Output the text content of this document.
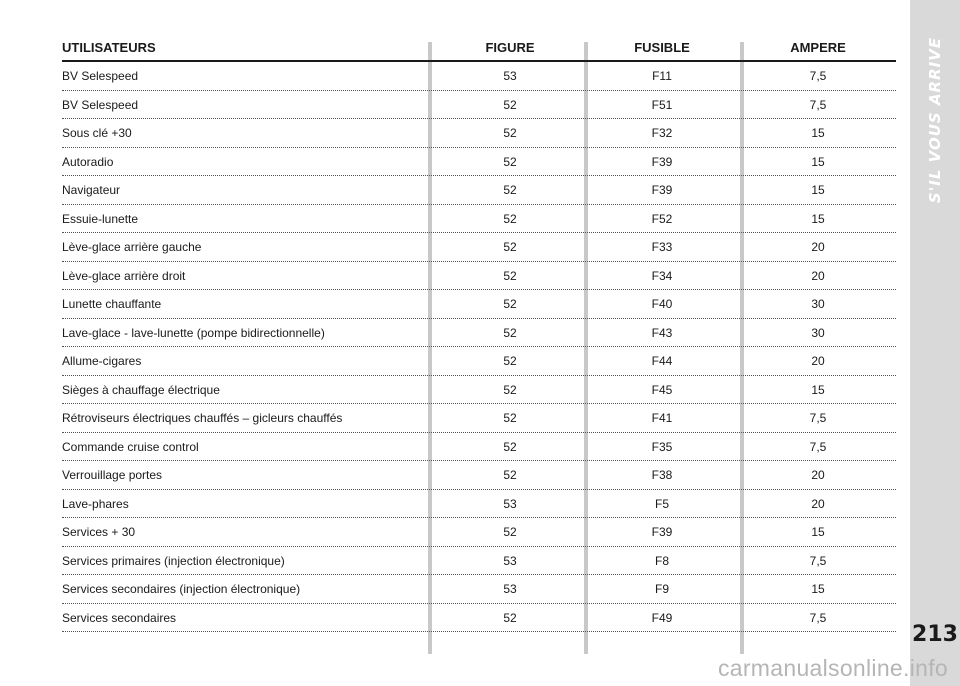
S'IL VOUS ARRIVE
213
UTILISATEURS	FIGURE	FUSIBLE	AMPERE
BV Selespeed	53	F11	7,5
BV Selespeed	52	F51	7,5
Sous clé +30	52	F32	15
Autoradio	52	F39	15
Navigateur	52	F39	15
Essuie-lunette	52	F52	15
Lève-glace arrière gauche	52	F33	20
Lève-glace arrière droit	52	F34	20
Lunette chauffante	52	F40	30
Lave-glace - lave-lunette (pompe bidirectionnelle)	52	F43	30
Allume-cigares	52	F44	20
Sièges à chauffage électrique	52	F45	15
Rétroviseurs électriques chauffés – gicleurs chauffés	52	F41	7,5
Commande cruise control	52	F35	7,5
Verrouillage portes	52	F38	20
Lave-phares	53	F5	20
Services + 30	52	F39	15
Services primaires (injection électronique)	53	F8	7,5
Services secondaires (injection électronique)	53	F9	15
Services secondaires	52	F49	7,5
carmanualsonline.info
